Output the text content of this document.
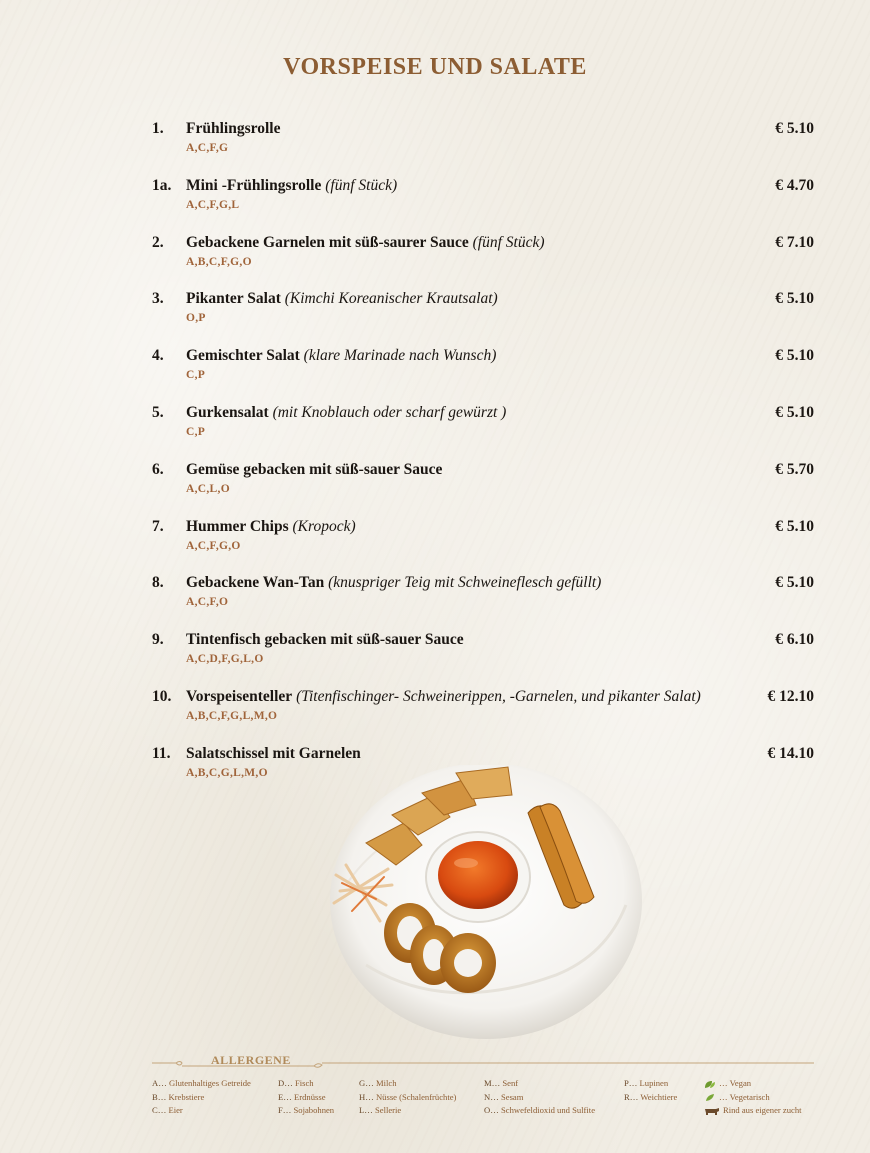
VORSPEISE UND SALATE
1. Frühlingsrolle	€ 5.10
A,C,F,G
1a. Mini -Frühlingsrolle (fünf Stück)	€ 4.70
A,C,F,G,L
2. Gebackene Garnelen mit süß-saurer Sauce (fünf Stück)	€ 7.10
A,B,C,F,G,O
3. Pikanter Salat (Kimchi Koreanischer Krautsalat)	€ 5.10
O,P
4. Gemischter Salat (klare Marinade nach Wunsch)	€ 5.10
C,P
5. Gurkensalat (mit Knoblauch oder scharf gewürzt )	€ 5.10
C,P
6. Gemüse gebacken mit süß-sauer Sauce	€ 5.70
A,C,L,O
7. Hummer Chips (Kropock)	€ 5.10
A,C,F,G,O
8. Gebackene Wan-Tan (knuspriger Teig mit Schweineflesch gefüllt)	€ 5.10
A,C,F,O
9. Tintenfisch gebacken mit süß-sauer Sauce	€ 6.10
A,C,D,F,G,L,O
10. Vorspeisenteller (Titenfischinger- Schweinerippen, -Garnelen, und pikanter Salat)	€ 12.10
A,B,C,F,G,L,M,O
11. Salatschissel mit Garnelen	€ 14.10
A,B,C,G,L,M,O
ALLERGENE
A… Glutenhaltiges Getreide
B… Krebstiere
C… Eier
D… Fisch
E… Erdnüsse
F… Sojabohnen
G… Milch
H… Nüsse (Schalenfrüchte)
L… Sellerie
M… Senf
N… Sesam
O… Schwefeldioxid und Sulfite
P… Lupinen
R… Weichtiere
… Vegan
… Vegetarisch
Rind aus eigener zucht
